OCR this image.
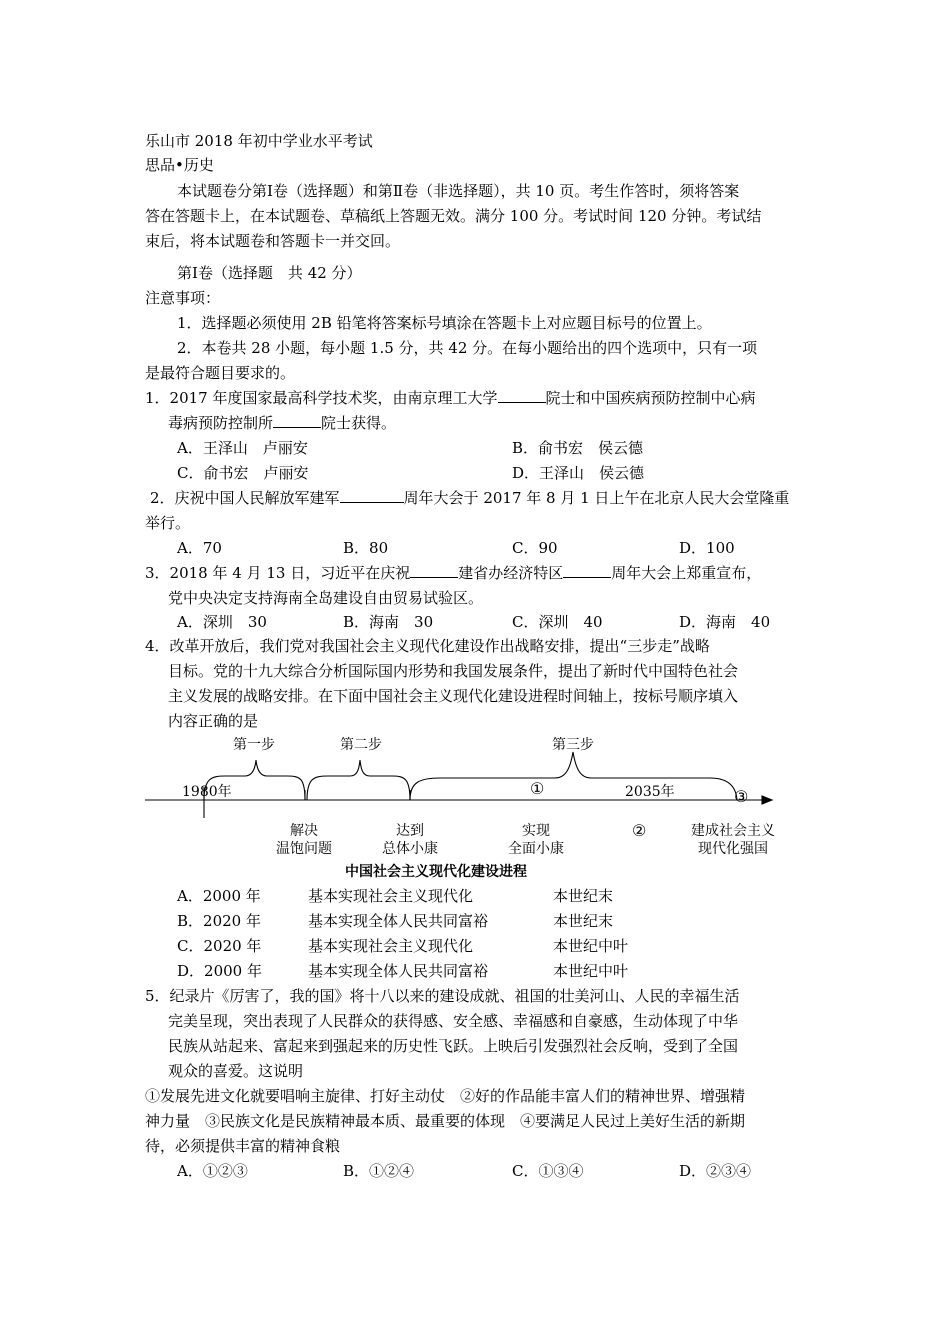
乐山市 2018 年初中学业水平考试
思品•历史
本试题卷分第Ⅰ卷（选择题）和第Ⅱ卷（非选择题），共 10 页。考生作答时，须将答案
答在答题卡上，在本试题卷、草稿纸上答题无效。满分 100 分。考试时间 120 分钟。考试结
束后，将本试题卷和答题卡一并交回。
第Ⅰ卷（选择题　共 42 分）
注意事项：
1．选择题必须使用 2B 铅笔将答案标号填涂在答题卡上对应题目标号的位置上。
2．本卷共 28 小题，每小题 1.5 分，共 42 分。在每小题给出的四个选项中，只有一项
是最符合题目要求的。
1．2017 年度国家最高科学技术奖，由南京理工大学	院士和中国疾病预防控制中心病
毒病预防控制所	院士获得。
A．王泽山　卢丽安	B．俞书宏　侯云德
C．俞书宏　卢丽安	D．王泽山　侯云德
2．庆祝中国人民解放军建军	周年大会于 2017 年 8 月 1 日上午在北京人民大会堂隆重
举行。
A．70	B．80	C．90	D．100
3．2018 年 4 月 13 日，习近平在庆祝	建省办经济特区	周年大会上郑重宣布，
党中央决定支持海南全岛建设自由贸易试验区。
A．深圳　30	B．海南　30	C．深圳　40	D．海南　40
4．改革开放后，我们党对我国社会主义现代化建设作出战略安排，提出“三步走”战略
目标。党的十九大综合分析国际国内形势和我国发展条件，提出了新时代中国特色社会
主义发展的战略安排。在下面中国社会主义现代化建设进程时间轴上，按标号顺序填入
内容正确的是
第一步	第二步	第三步
1980年	2035年
①
②
③
解决
温饱问题
达到
总体小康
实现
全面小康
建成社会主义
现代化强国
中国社会主义现代化建设进程
A．2000 年	基本实现社会主义现代化	本世纪末
B．2020 年	基本实现全体人民共同富裕	本世纪末
C．2020 年	基本实现社会主义现代化	本世纪中叶
D．2000 年	基本实现全体人民共同富裕	本世纪中叶
5．纪录片《厉害了，我的国》将十八以来的建设成就、祖国的壮美河山、人民的幸福生活
完美呈现，突出表现了人民群众的获得感、安全感、幸福感和自豪感，生动体现了中华
民族从站起来、富起来到强起来的历史性飞跃。上映后引发强烈社会反响，受到了全国
观众的喜爱。这说明
①发展先进文化就要唱响主旋律、打好主动仗　②好的作品能丰富人们的精神世界、增强精
神力量　③民族文化是民族精神最本质、最重要的体现　④要满足人民过上美好生活的新期
待，必须提供丰富的精神食粮
A．①②③	B．①②④	C．①③④	D．②③④
